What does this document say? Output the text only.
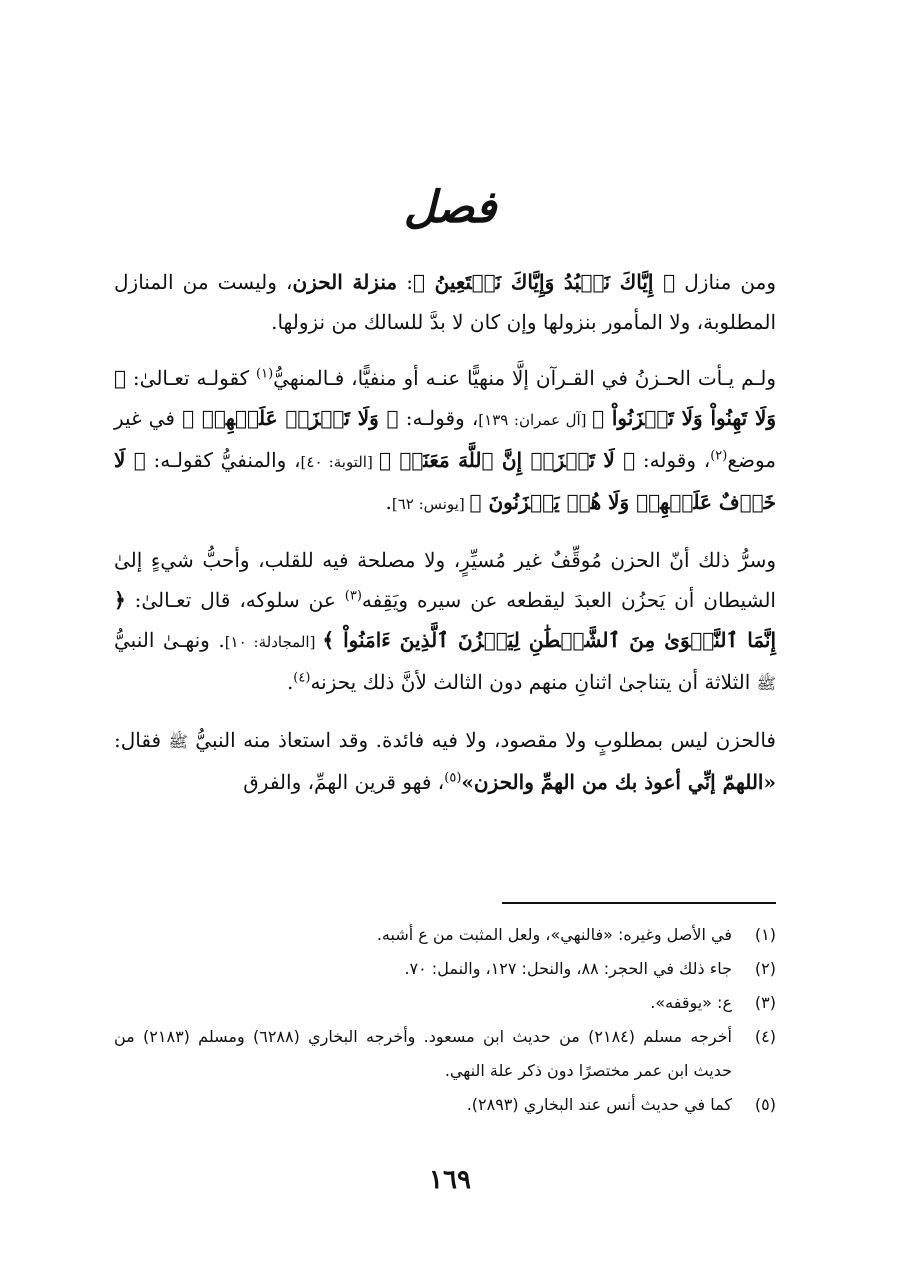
فصل

ومن منازل ﴿ إِيَّاكَ نَعۡبُدُ وَإِيَّاكَ نَسۡتَعِينُ ﴾: منزلة الحزن، وليست من المنازل المطلوبة، ولا المأمور بنزولها وإن كان لا بدَّ للسالك من نزولها.

ولـم يـأت الحـزنُ في القـرآن إلَّا منهيًّا عنـه أو منفيًّا، فـالمنهيُّ$^{(١)}$ كقولـه تعـالىٰ: ﴿ وَلَا تَهِنُواْ وَلَا تَحۡزَنُواْ ﴾ [آل عمران: ١٣٩]، وقولـه: ﴿ وَلَا تَحۡزَنۡ عَلَيۡهِمۡ ﴾ في غير موضع$^{(٢)}$، وقوله: ﴿ لَا تَحۡزَنۡ إِنَّ ٱللَّهَ مَعَنَاۖ ﴾ [التوبة: ٤٠]، والمنفيُّ كقولـه: ﴿ لَا خَوۡفٌ عَلَيۡهِمۡ وَلَا هُمۡ يَحۡزَنُونَ ﴾ [يونس: ٦٢].

وسرُّ ذلك أنّ الحزن مُوقِّفٌ غير مُسيِّرٍ، ولا مصلحة فيه للقلب، وأحبُّ شيءٍ إلىٰ الشيطان أن يَحزُن العبدَ ليقطعه عن سيره ويَقِفه$^{(٣)}$ عن سلوكه، قال تعـالىٰ: ﴿ إِنَّمَا ٱلنَّجۡوَىٰ مِنَ ٱلشَّيۡطَٰنِ لِيَحۡزُنَ ٱلَّذِينَ ءَامَنُواْ ﴾ [المجادلة: ١٠]. ونهـىٰ النبيُّ ﷺ الثلاثة أن يتناجىٰ اثنانِ منهم دون الثالث لأنَّ ذلك يحزنه$^{(٤)}$.

فالحزن ليس بمطلوبٍ ولا مقصود، ولا فيه فائدة. وقد استعاذ منه النبيُّ ﷺ فقال: «اللهمّ إنِّي أعوذ بك من الهمِّ والحزن»$^{(٥)}$، فهو قرين الهمِّ، والفرق

(١)
في الأصل وغيره: «فالنهي»، ولعل المثبت من ع أشبه.
(٢)
جاء ذلك في الحجر: ٨٨، والنحل: ١٢٧، والنمل: ٧٠.
(٣)
ع: «يوقفه».
(٤)
أخرجه مسلم (٢١٨٤) من حديث ابن مسعود. وأخرجه البخاري (٦٢٨٨) ومسلم (٢١٨٣) من حديث ابن عمر مختصرًا دون ذكر علة النهي.
(٥)
كما في حديث أنس عند البخاري (٢٨٩٣).
١٦٩
